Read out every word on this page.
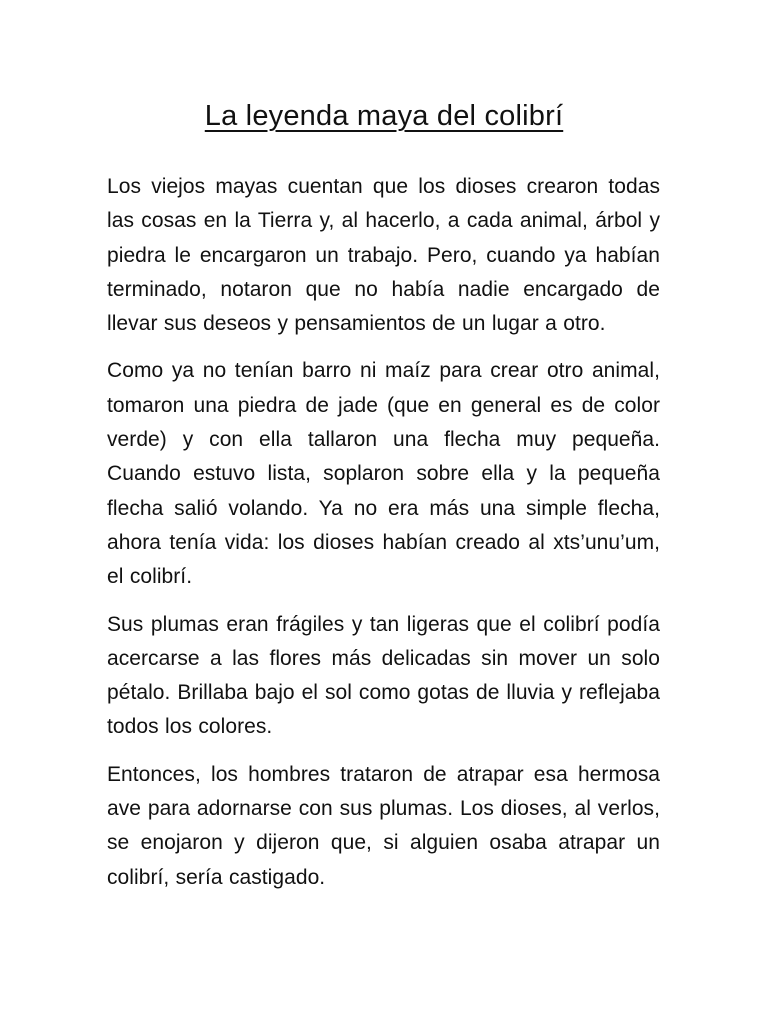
La leyenda maya del colibrí

Los viejos mayas cuentan que los dioses crearon todas las cosas en la Tierra y, al hacerlo, a cada animal, árbol y piedra le encargaron un trabajo. Pero, cuando ya habían terminado, notaron que no había nadie encargado de llevar sus deseos y pensamientos de un lugar a otro.

Como ya no tenían barro ni maíz para crear otro animal, tomaron una piedra de jade (que en general es de color verde) y con ella tallaron una flecha muy pequeña. Cuando estuvo lista, soplaron sobre ella y la pequeña flecha salió volando. Ya no era más una simple flecha, ahora tenía vida: los dioses habían creado al xts’unu’um, el colibrí.

Sus plumas eran frágiles y tan ligeras que el colibrí podía acercarse a las flores más delicadas sin mover un solo pétalo. Brillaba bajo el sol como gotas de lluvia y reflejaba todos los colores.

Entonces, los hombres trataron de atrapar esa hermosa ave para adornarse con sus plumas. Los dioses, al verlos, se enojaron y dijeron que, si alguien osaba atrapar un colibrí, sería castigado.
